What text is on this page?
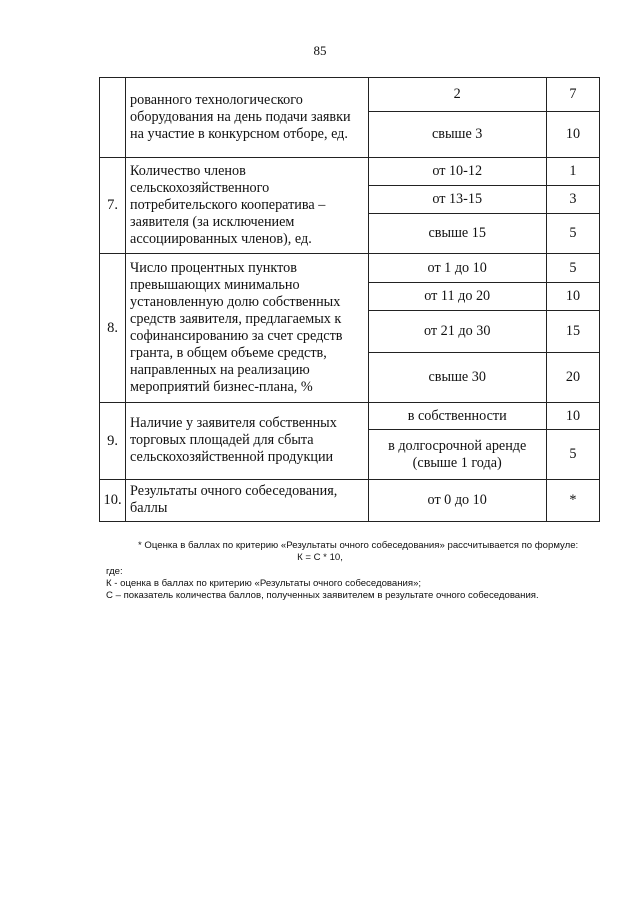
85
	рованного технологического оборудования на день подачи заявки на участие в конкурсном отборе, ед.	2	7
		свыше 3	10
7.	Количество членов сельскохозяйственного потребительского кооператива – заявителя (за исключением ассоциированных членов), ед.	от 10-12	1
		от 13-15	3
		свыше 15	5
8.	Число процентных пунктов превышающих минимально установленную долю собственных средств заявителя, предлагаемых к софинансированию за счет средств гранта, в общем объеме средств, направленных на реализацию мероприятий бизнес-плана, %	от 1 до 10	5
		от 11 до 20	10
		от 21 до 30	15
		свыше 30	20
9.	Наличие у заявителя собственных торговых площадей для сбыта сельскохозяйственной продукции	в собственности	10
		в долгосрочной аренде (свыше 1 года)	5
10.	Результаты очного собеседования, баллы	от 0 до 10	*
* Оценка в баллах по критерию «Результаты очного собеседования» рассчитывается по формуле:
К = С * 10,
где:
К - оценка в баллах по критерию «Результаты очного собеседования»;
С – показатель количества баллов, полученных заявителем в результате очного собеседования.
